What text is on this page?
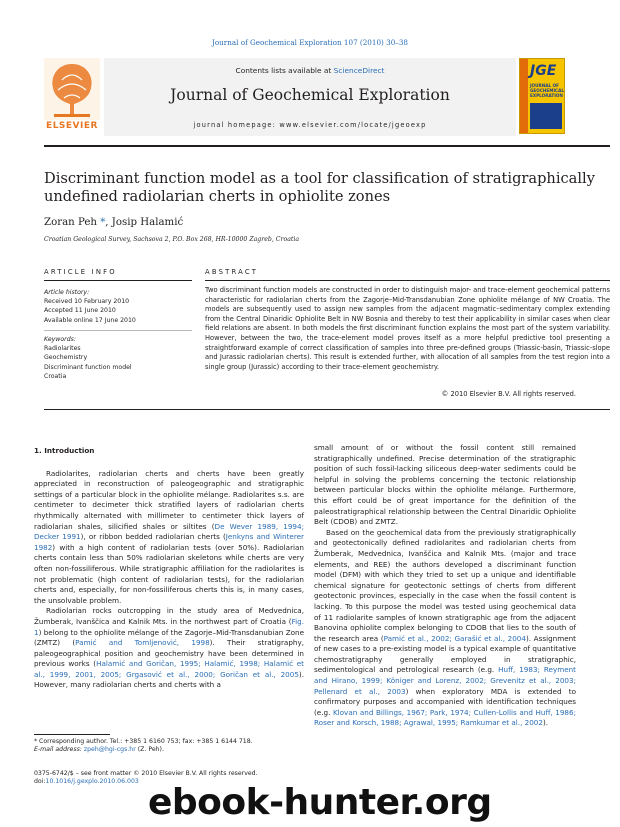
Journal of Geochemical Exploration 107 (2010) 30–38
ELSEVIER
Contents lists available at ScienceDirect
Journal of Geochemical Exploration
journal homepage: www.elsevier.com/locate/jgeoexp
JGE
JOURNAL OF GEOCHEMICAL EXPLORATION
Discriminant function model as a tool for classification of stratigraphically undefined radiolarian cherts in ophiolite zones
Zoran Peh *, Josip Halamić
Croatian Geological Survey, Sachsova 2, P.O. Box 268, HR-10000 Zagreb, Croatia
ARTICLE INFO	ABSTRACT
Article history:
Received 10 February 2010
Accepted 11 June 2010
Available online 17 June 2010
Keywords:
Radiolarites
Geochemistry
Discriminant function model
Croatia
Two discriminant function models are constructed in order to distinguish major- and trace-element geochemical patterns characteristic for radiolarian cherts from the Zagorje–Mid-Transdanubian Zone ophiolite mélange of NW Croatia. The models are subsequently used to assign new samples from the adjacent magmatic–sedimentary complex extending from the Central Dinaridic Ophiolite Belt in NW Bosnia and thereby to test their applicability in similar cases when clear field relations are absent. In both models the first discriminant function explains the most part of the system variability. However, between the two, the trace-element model proves itself as a more helpful predictive tool presenting a straightforward example of correct classification of samples into three pre-defined groups (Triassic-basin, Triassic-slope and Jurassic radiolarian cherts). This result is extended further, with allocation of all samples from the test region into a single group (Jurassic) according to their trace-element geochemistry.
© 2010 Elsevier B.V. All rights reserved.
1. Introduction

Radiolarites, radiolarian cherts and cherts have been greatly appreciated in reconstruction of paleogeographic and stratigraphic settings of a particular block in the ophiolite mélange. Radiolarites s.s. are centimeter to decimeter thick stratified layers of radiolarian cherts rhythmically alternated with millimeter to centimeter thick layers of radiolarian shales, silicified shales or siltites (De Wever 1989, 1994; Decker 1991), or ribbon bedded radiolarian cherts (Jenkyns and Winterer 1982) with a high content of radiolarian tests (over 50%). Radiolarian cherts contain less than 50% radiolarian skeletons while cherts are very often non-fossiliferous. While stratigraphic affiliation for the radiolarites is not problematic (high content of radiolarian tests), for the radiolarian cherts and, especially, for non-fossiliferous cherts this is, in many cases, the unsolvable problem.

Radiolarian rocks outcropping in the study area of Medvednica, Žumberak, Ivanščica and Kalnik Mts. in the northwest part of Croatia (Fig. 1) belong to the ophiolite mélange of the Zagorje–Mid-Transdanubian Zone (ZMTZ) (Pamić and Tomljenović, 1998). Their stratigraphy, paleogeographical position and geochemistry have been determined in previous works (Halamić and Goričan, 1995; Halamić, 1998; Halamić et al., 1999, 2001, 2005; Grgasović et al., 2000; Goričan et al., 2005). However, many radiolarian cherts and cherts with a

small amount of or without the fossil content still remained stratigraphically undefined. Precise determination of the stratigraphic position of such fossil-lacking siliceous deep-water sediments could be helpful in solving the problems concerning the tectonic relationship between particular blocks within the ophiolite mélange. Furthermore, this effort could be of great importance for the definition of the paleostratigraphical relationship between the Central Dinaridic Ophiolite Belt (CDOB) and ZMTZ.

Based on the geochemical data from the previously stratigraphically and geotectonically defined radiolarites and radiolarian cherts from Žumberak, Medvednica, Ivanščica and Kalnik Mts. (major and trace elements, and REE) the authors developed a discriminant function model (DFM) with which they tried to set up a unique and identifiable chemical signature for geotectonic settings of cherts from different geotectonic provinces, especially in the case when the fossil content is lacking. To this purpose the model was tested using geochemical data of 11 radiolarite samples of known stratigraphic age from the adjacent Banovina ophiolite complex belonging to CDOB that lies to the south of the research area (Pamić et al., 2002; Garašić et al., 2004). Assignment of new cases to a pre-existing model is a typical example of quantitative chemostratigraphy generally employed in stratigraphic, sedimentological and petrological research (e.g. Huff, 1983; Reyment and Hirano, 1999; Königer and Lorenz, 2002; Grevenitz et al., 2003; Pellenard et al., 2003) when exploratory MDA is extended to confirmatory purposes and accompanied with identification techniques (e.g. Klovan and Billings, 1967; Park, 1974; Cullen-Lollis and Huff, 1986; Roser and Korsch, 1988; Agrawal, 1995; Ramkumar et al., 2002).

* Corresponding author. Tel.: +385 1 6160 753; fax: +385 1 6144 718.
E-mail address: zpeh@hgi-cgs.hr (Z. Peh).
0375-6742/$ – see front matter © 2010 Elsevier B.V. All rights reserved.
doi:10.1016/j.gexplo.2010.06.003
ebook-hunter.org
